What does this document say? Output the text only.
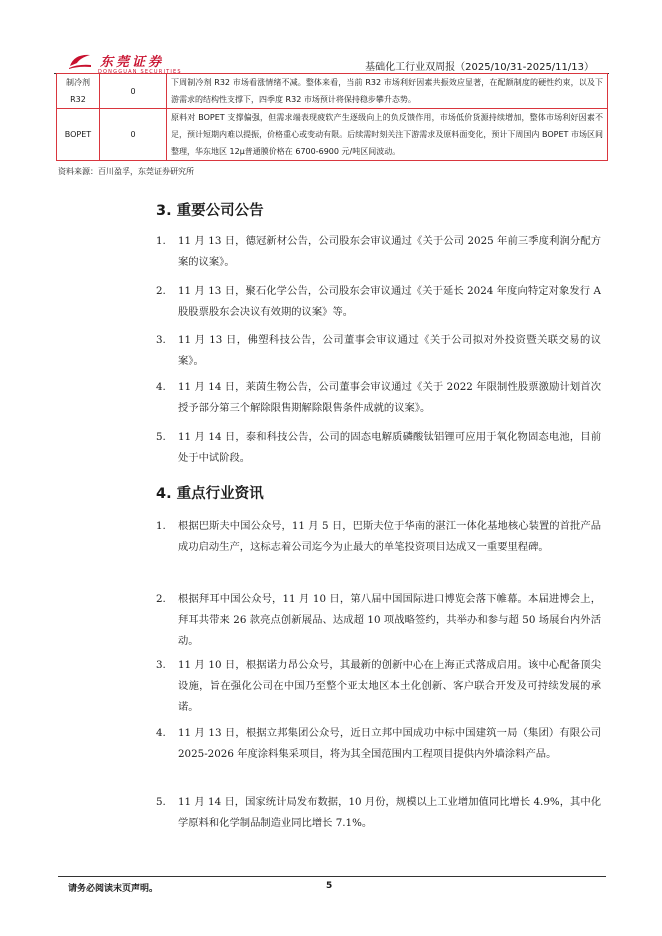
东莞证券
DONGGUAN SECURITIES	基础化工行业双周报（2025/10/31-2025/11/13）
制冷剂R32	0	下周制冷剂 R32 市场看涨情绪不减。整体来看，当前 R32 市场利好因素共振效应显著，在配额制度的硬性约束，以及下游需求的结构性支撑下，四季度 R32 市场预计将保持稳步攀升态势。
BOPET	0	原料对 BOPET 支撑偏强，但需求端表现疲软产生逐级向上的负反馈作用，市场低价货源持续增加，整体市场利好因素不足，预计短期内难以提振，价格重心或变动有限。后续需时刻关注下游需求及原料面变化，预计下周国内 BOPET 市场区间整理，华东地区 12μ普通膜价格在 6700-6900 元/吨区间波动。
资料来源：百川盈孚，东莞证券研究所
3. 重要公司公告
1. 11 月 13 日，德冠新材公告，公司股东会审议通过《关于公司 2025 年前三季度利润分配方案的议案》。
2. 11 月 13 日，聚石化学公告，公司股东会审议通过《关于延长 2024 年度向特定对象发行 A 股股票股东会决议有效期的议案》等。
3. 11 月 13 日，佛塑科技公告，公司董事会审议通过《关于公司拟对外投资暨关联交易的议案》。
4. 11 月 14 日，莱茵生物公告，公司董事会审议通过《关于 2022 年限制性股票激励计划首次授予部分第三个解除限售期解除限售条件成就的议案》。
5. 11 月 14 日，泰和科技公告，公司的固态电解质磷酸钛铝锂可应用于氧化物固态电池，目前处于中试阶段。
4. 重点行业资讯
1. 根据巴斯夫中国公众号，11 月 5 日，巴斯夫位于华南的湛江一体化基地核心装置的首批产品成功启动生产，这标志着公司迄今为止最大的单笔投资项目达成又一重要里程碑。
2. 根据拜耳中国公众号，11 月 10 日，第八届中国国际进口博览会落下帷幕。本届进博会上，拜耳共带来 26 款亮点创新展品、达成超 10 项战略签约，共举办和参与超 50 场展台内外活动。
3. 11 月 10 日，根据诺力昂公众号，其最新的创新中心在上海正式落成启用。该中心配备顶尖设施，旨在强化公司在中国乃至整个亚太地区本土化创新、客户联合开发及可持续发展的承诺。
4. 11 月 13 日，根据立邦集团公众号，近日立邦中国成功中标中国建筑一局（集团）有限公司 2025-2026 年度涂料集采项目，将为其全国范围内工程项目提供内外墙涂料产品。
5. 11 月 14 日，国家统计局发布数据，10 月份，规模以上工业增加值同比增长 4.9%，其中化学原料和化学制品制造业同比增长 7.1%。
请务必阅读末页声明。	5
